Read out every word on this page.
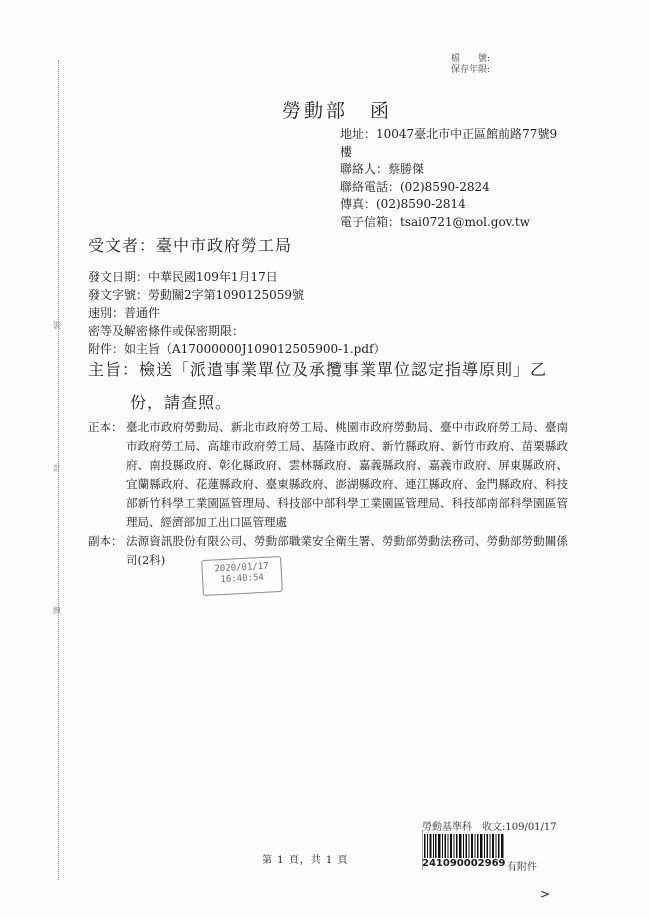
裝
訂
線
檔　　號:
保存年限:
勞動部　函
地址：10047臺北市中正區館前路77號9
樓
聯絡人：蔡勝傑
聯絡電話：(02)8590-2824
傳真：(02)8590-2814
電子信箱：tsai0721@mol.gov.tw
受文者：臺中市政府勞工局
發文日期：中華民國109年1月17日
發文字號：勞動關2字第1090125059號
速別：普通件
密等及解密條件或保密期限：
附件：如主旨（A17000000J109012505900-1.pdf）
主旨：檢送「派遣事業單位及承攬事業單位認定指導原則」乙
份，請查照。
正本： 臺北市政府勞動局、新北市政府勞工局、桃園市政府勞動局、臺中市政府勞工局、臺南市政府勞工局、高雄市政府勞工局、基隆市政府、新竹縣政府、新竹市政府、苗栗縣政府、南投縣政府、彰化縣政府、雲林縣政府、嘉義縣政府、嘉義市政府、屏東縣政府、宜蘭縣政府、花蓮縣政府、臺東縣政府、澎湖縣政府、連江縣政府、金門縣政府、科技部新竹科學工業園區管理局、科技部中部科學工業園區管理局、科技部南部科學園區管理局、經濟部加工出口區管理處
副本： 法源資訊股份有限公司、勞動部職業安全衛生署、勞動部勞動法務司、勞動部勞動關係司(2科)
2020/01/17
16:40:54
第 1 頁，共 1 頁
勞動基準科　收文:109/01/17
241090002969 有附件
>
